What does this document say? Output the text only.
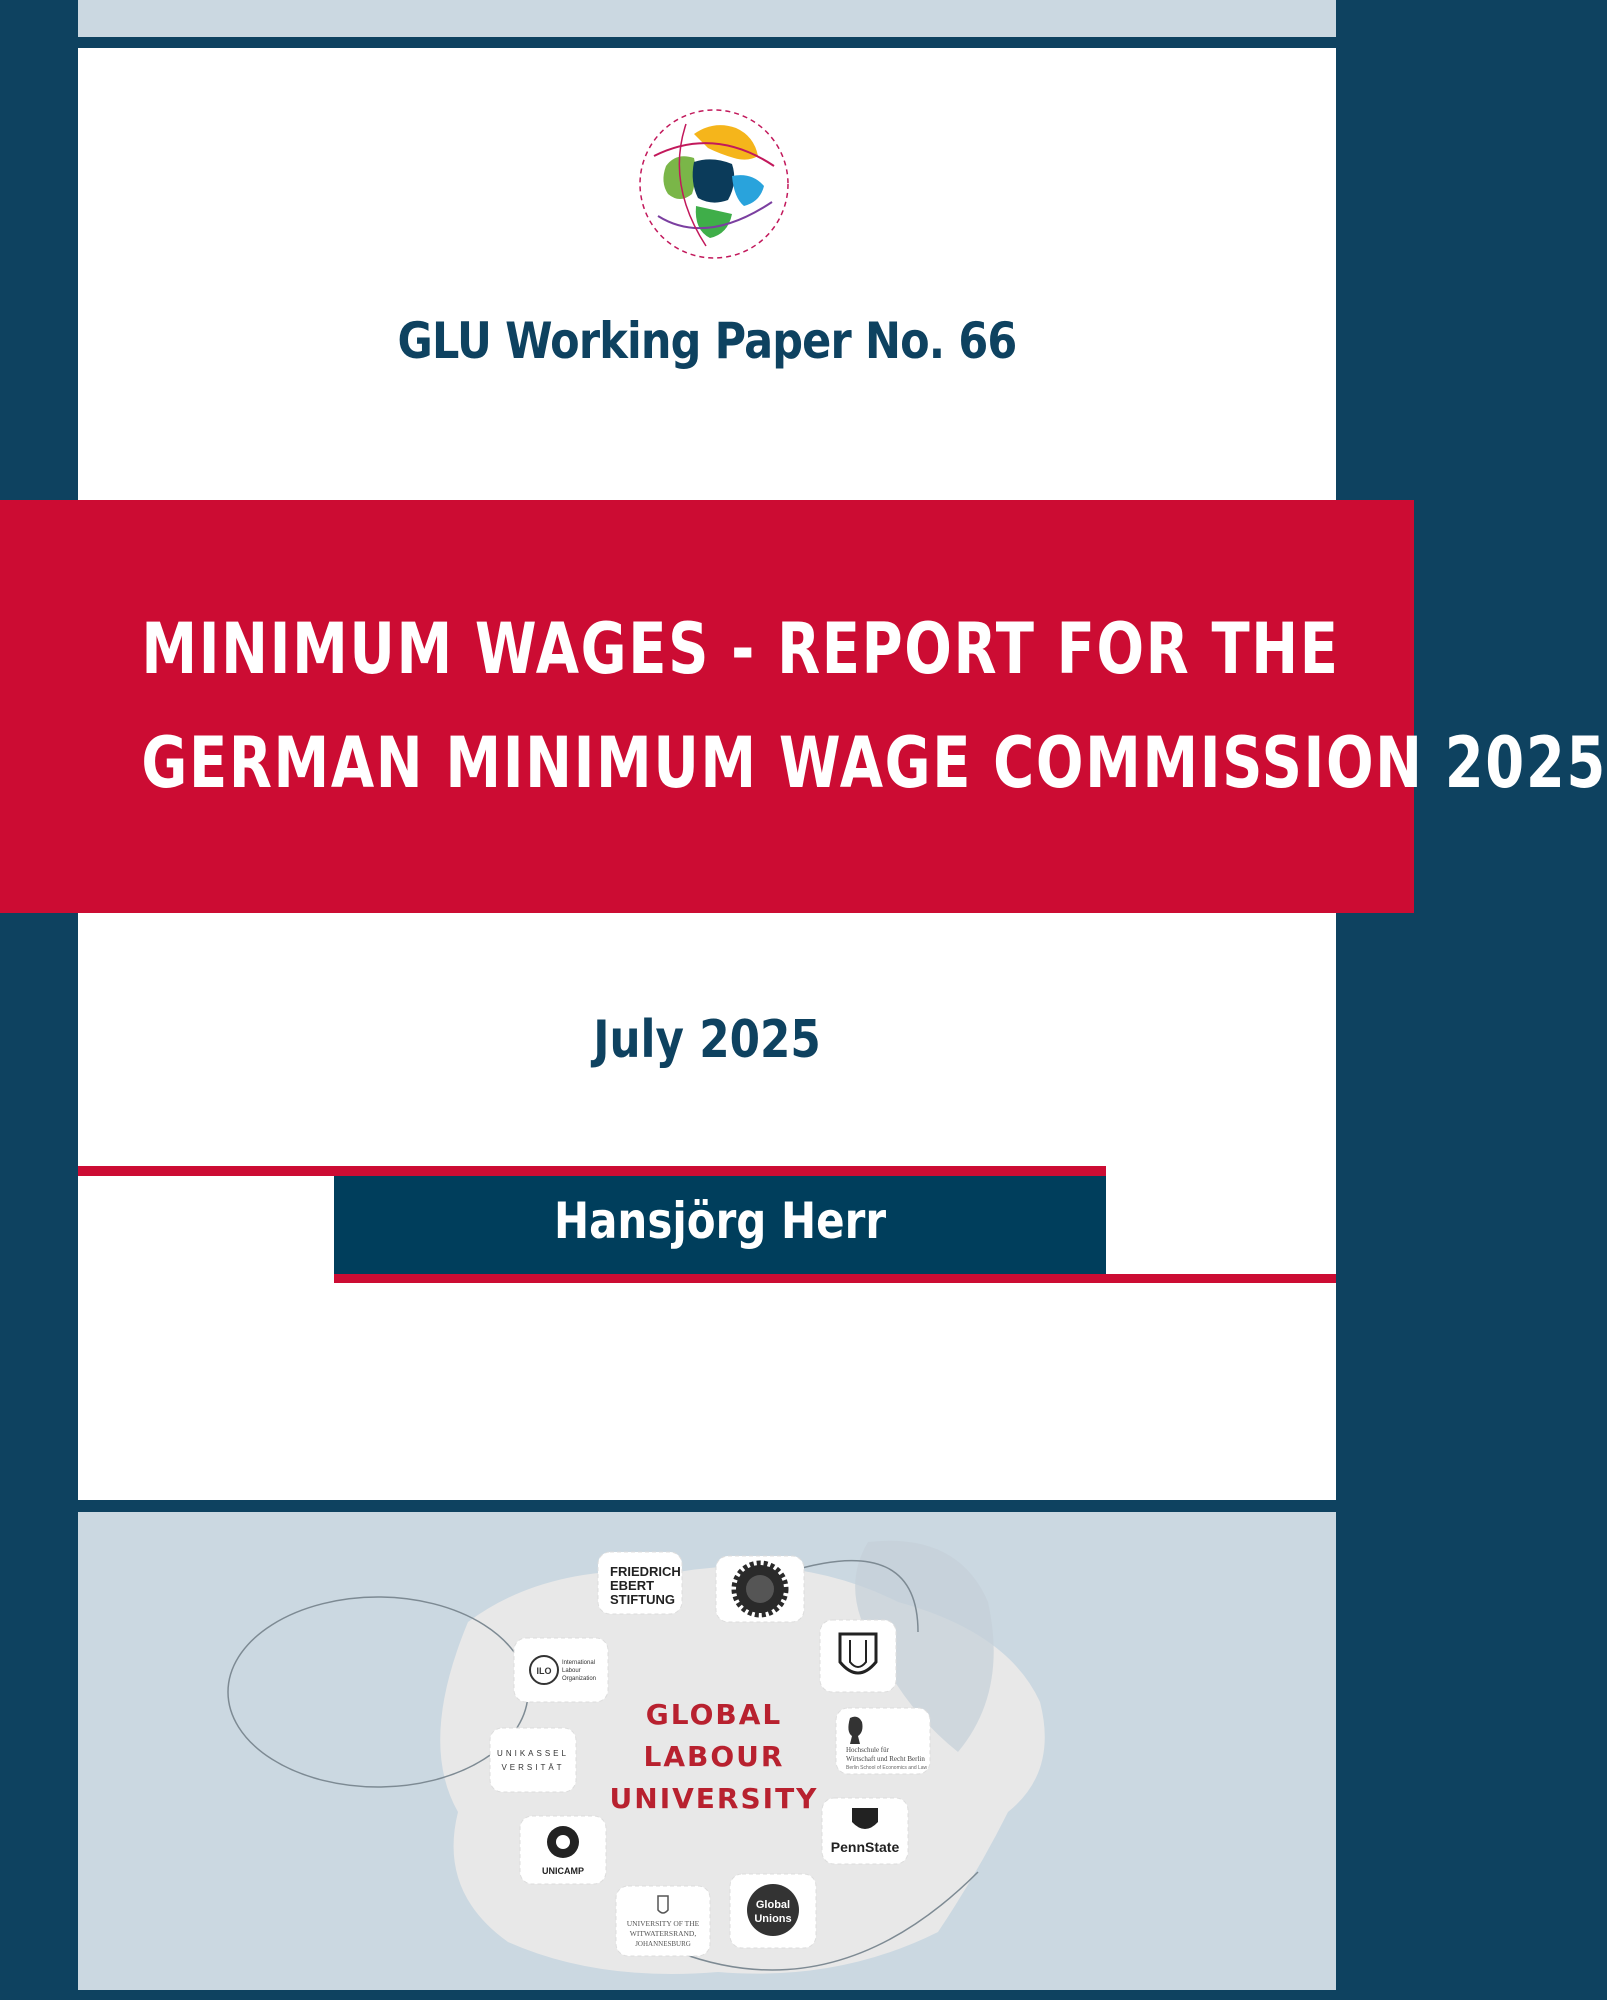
GLU Working Paper No. 66
MINIMUM WAGES - REPORT FOR THE
GERMAN MINIMUM WAGE COMMISSION 2025
July 2025
Hansjörg Herr
GLOBAL
LABOUR
UNIVERSITY
FRIEDRICH
EBERT
STIFTUNG
Hochschule für
Wirtschaft und Recht Berlin
Berlin School of Economics and Law
PennState
Global
Unions
UNIVERSITY OF THE
WITWATERSRAND,
JOHANNESBURG
UNICAMP
UNIKASSEL
VERSITÄT
ILO
International
Labour
Organization
